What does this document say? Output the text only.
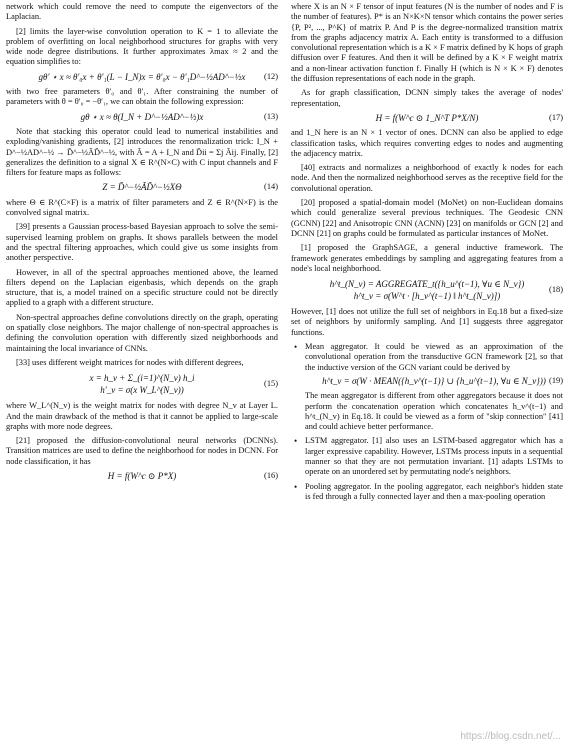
network which could remove the need to compute the eigenvectors of the Laplacian.

[2] limits the layer-wise convolution operation to K = 1 to alleviate the problem of overfitting on local neighborhood structures for graphs with very wide node degree distributions. It further approximates λmax ≈ 2 and the equation simplifies to:

gθ′ ⋆ x ≈ θ′₀x + θ′₁(L − I_N)x = θ′₀x − θ′₁D^−½AD^−½x (12)

with two free parameters θ′₀ and θ′₁. After constraining the number of parameters with θ = θ′₀ = −θ′₁, we can obtain the following expression:

gθ ⋆ x ≈ θ(I_N + D^−½AD^−½)x	(13)

Note that stacking this operator could lead to numerical instabilities and exploding/vanishing gradients, [2] introduces the renormalization trick: I_N + D^−½AD^−½ → D̃^−½ÃD̃^−½, with Ã = A + I_N and D̃ii = Σj Ãij. Finally, [2] generalizes the definition to a signal X ∈ R^(N×C) with C input channels and F filters for feature maps as follows:

Z = D̃^−½ÃD̃^−½XΘ	(14)

where Θ ∈ R^(C×F) is a matrix of filter parameters and Z ∈ R^(N×F) is the convolved signal matrix.

[39] presents a Gaussian process-based Bayesian approach to solve the semi-supervised learning problem on graphs. It shows parallels between the model and the spectral filtering approaches, which could give us some insights from another perspective.

However, in all of the spectral approaches mentioned above, the learned filters depend on the Laplacian eigenbasis, which depends on the graph structure, that is, a model trained on a specific structure could not be directly applied to a graph with a different structure.

Non-spectral approaches define convolutions directly on the graph, operating on spatially close neighbors. The major challenge of non-spectral approaches is defining the convolution operation with differently sized neighborhoods and maintaining the local invariance of CNNs.

[33] uses different weight matrices for nodes with different degrees,

x = h_v + Σ_(i=1)^(N_v) h_i
h′_v = σ(x W_L^(N_v))
(15)

where W_L^(N_v) is the weight matrix for nodes with degree N_v at Layer L. And the main drawback of the method is that it cannot be applied to large-scale graphs with more node degrees.

[21] proposed the diffusion-convolutional neural networks (DCNNs). Transition matrices are used to define the neighborhood for nodes in DCNN. For node classification, it has

H = f(W^c ⊙ P*X)	(16)

where X is an N × F tensor of input features (N is the number of nodes and F is the number of features). P* is an N×K×N tensor which contains the power series {P, P², ..., P^K} of matrix P. And P is the degree-normalized transition matrix from the graphs adjacency matrix A. Each entity is transformed to a diffusion convolutional representation which is a K × F matrix defined by K hops of graph diffusion over F features. And then it will be defined by a K × F weight matrix and a non-linear activation function f. Finally H (which is N × K × F) denotes the diffusion representations of each node in the graph.

As for graph classification, DCNN simply takes the average of nodes' representation,

H = f(W^c ⊙ 1_N^T P*X/N)	(17)

and 1_N here is an N × 1 vector of ones. DCNN can also be applied to edge classification tasks, which requires converting edges to nodes and augmenting the adjacency matrix.

[40] extracts and normalizes a neighborhood of exactly k nodes for each node. And then the normalized neighborhood serves as the receptive field for the convolutional operation.

[20] proposed a spatial-domain model (MoNet) on non-Euclidean domains which could generalize several previous techniques. The Geodesic CNN (GCNN) [22] and Anisotropic CNN (ACNN) [23] on manifolds or GCN [2] and DCNN [21] on graphs could be formulated as particular instances of MoNet.

[1] proposed the GraphSAGE, a general inductive framework. The framework generates embeddings by sampling and aggregating features from a node's local neighborhood.

h^t_(N_v) = AGGREGATE_t({h_u^(t−1), ∀u ∈ N_v})
h^t_v = σ(W^t · [h_v^(t−1) ‖ h^t_(N_v)])
(18)

However, [1] does not utilize the full set of neighbors in Eq.18 but a fixed-size set of neighbors by uniformly sampling. And [1] suggests three aggregator functions.

• Mean aggregator. It could be viewed as an approximation of the convolutional operation from the transductive GCN framework [2], so that the inductive version of the GCN variant could be derived by
h^t_v = σ(W · MEAN({h_v^(t−1)} ∪ {h_u^(t−1), ∀u ∈ N_v})) (19)
The mean aggregator is different from other aggregators because it does not perform the concatenation operation which concatenates h_v^(t−1) and h^t_(N_v) in Eq.18. It could be viewed as a form of "skip connection" [41] and could achieve better performance.
• LSTM aggregator. [1] also uses an LSTM-based aggregator which has a larger expressive capability. However, LSTMs process inputs in a sequential manner so that they are not permutation invariant. [1] adapts LSTMs to operate on an unordered set by permutating node's neighbors.
• Pooling aggregator. In the pooling aggregator, each neighbor's hidden state is fed through a fully connected layer and then a max-pooling operation
https://blog.csdn.net/...
